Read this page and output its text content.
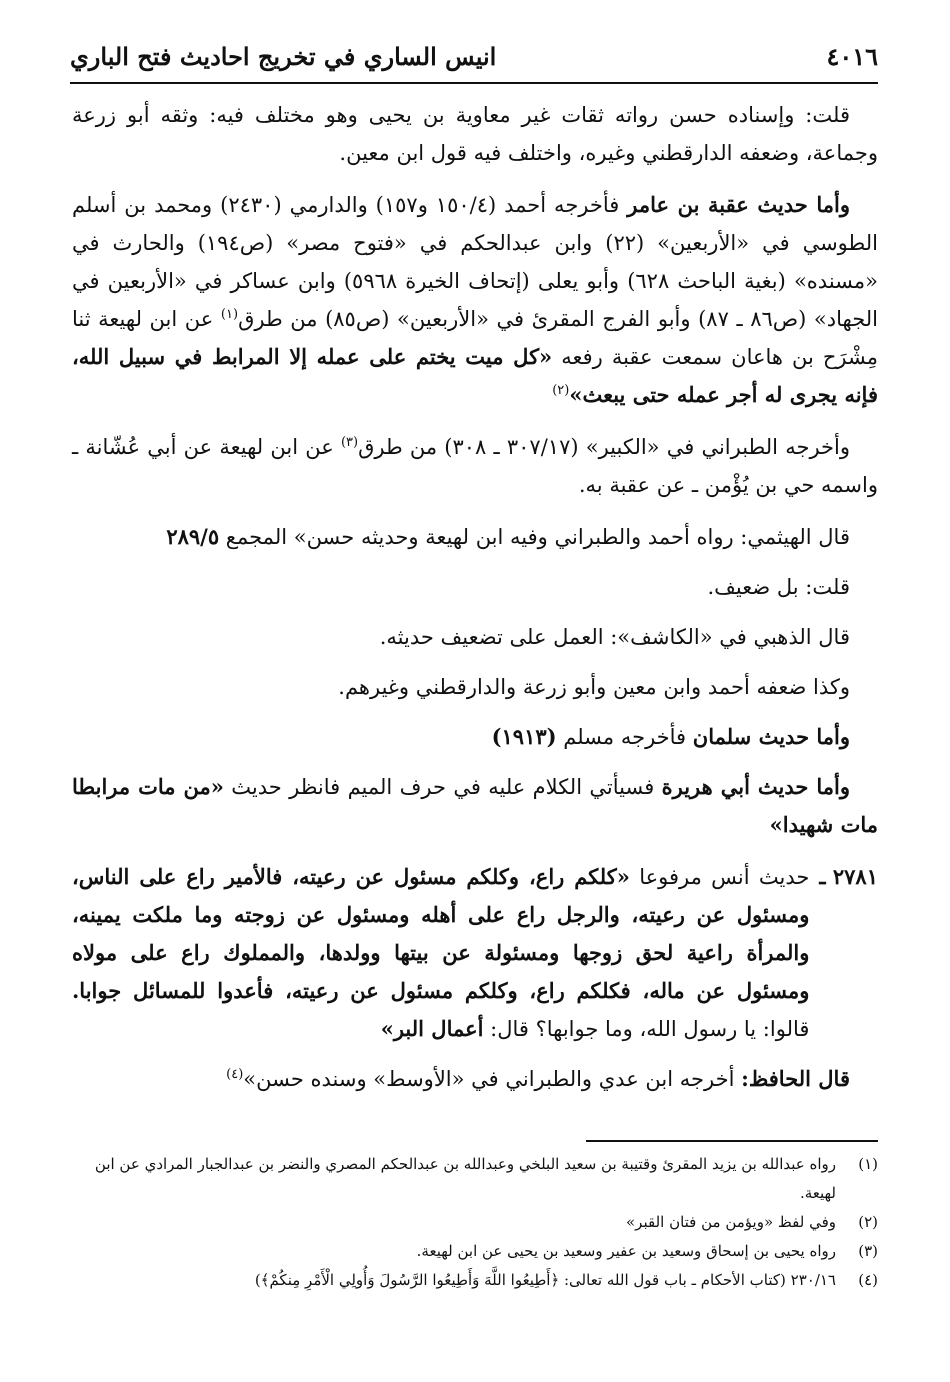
٤٠١٦
انيس الساري في تخريج احاديث فتح الباري

قلت: وإسناده حسن رواته ثقات غير معاوية بن يحيى وهو مختلف فيه: وثقه أبو زرعة وجماعة، وضعفه الدارقطني وغيره، واختلف فيه قول ابن معين.

وأما حديث عقبة بن عامر فأخرجه أحمد (١٥٠/٤ و١٥٧) والدارمي (٢٤٣٠) ومحمد بن أسلم الطوسي في «الأربعين» (٢٢) وابن عبدالحكم في «فتوح مصر» (ص١٩٤) والحارث في «مسنده» (بغية الباحث ٦٢٨) وأبو يعلى (إتحاف الخيرة ٥٩٦٨) وابن عساكر في «الأربعين في الجهاد» (ص٨٦ ـ ٨٧) وأبو الفرج المقرئ في «الأربعين» (ص٨٥) من طرق$^{(١)}$ عن ابن لهيعة ثنا مِشْرَح بن هاعان سمعت عقبة رفعه «كل ميت يختم على عمله إلا المرابط في سبيل الله، فإنه يجرى له أجر عمله حتى يبعث»$^{(٢)}$

وأخرجه الطبراني في «الكبير» (٣٠٧/١٧ ـ ٣٠٨) من طرق$^{(٣)}$ عن ابن لهيعة عن أبي عُشّانة ـ واسمه حي بن يُؤْمن ـ عن عقبة به.

قال الهيثمي: رواه أحمد والطبراني وفيه ابن لهيعة وحديثه حسن» المجمع ٢٨٩/٥

قلت: بل ضعيف.

قال الذهبي في «الكاشف»: العمل على تضعيف حديثه.

وكذا ضعفه أحمد وابن معين وأبو زرعة والدارقطني وغيرهم.

وأما حديث سلمان فأخرجه مسلم (١٩١٣)

وأما حديث أبي هريرة فسيأتي الكلام عليه في حرف الميم فانظر حديث «من مات مرابطا مات شهيدا»

٢٧٨١ ـ
حديث أنس مرفوعا «كلكم راع، وكلكم مسئول عن رعيته، فالأمير راع على الناس، ومسئول عن رعيته، والرجل راع على أهله ومسئول عن زوجته وما ملكت يمينه، والمرأة راعية لحق زوجها ومسئولة عن بيتها وولدها، والمملوك راع على مولاه ومسئول عن ماله، فكلكم راع، وكلكم مسئول عن رعيته، فأعدوا للمسائل جوابا. قالوا: يا رسول الله، وما جوابها؟ قال: أعمال البر»

قال الحافظ: أخرجه ابن عدي والطبراني في «الأوسط» وسنده حسن»$^{(٤)}$

(١)
رواه عبدالله بن يزيد المقرئ وقتيبة بن سعيد البلخي وعبدالله بن عبدالحكم المصري والنضر بن عبدالجبار المرادي عن ابن لهيعة.
(٢)
وفي لفظ «ويؤمن من فتان القبر»
(٣)
رواه يحيى بن إسحاق وسعيد بن عفير وسعيد بن يحيى عن ابن لهيعة.
(٤)
٢٣٠/١٦ (كتاب الأحكام ـ باب قول الله تعالى: ﴿أَطِيعُوا اللَّهَ وَأَطِيعُوا الرَّسُولَ وَأُولِي الْأَمْرِ مِنكُمْ﴾)
